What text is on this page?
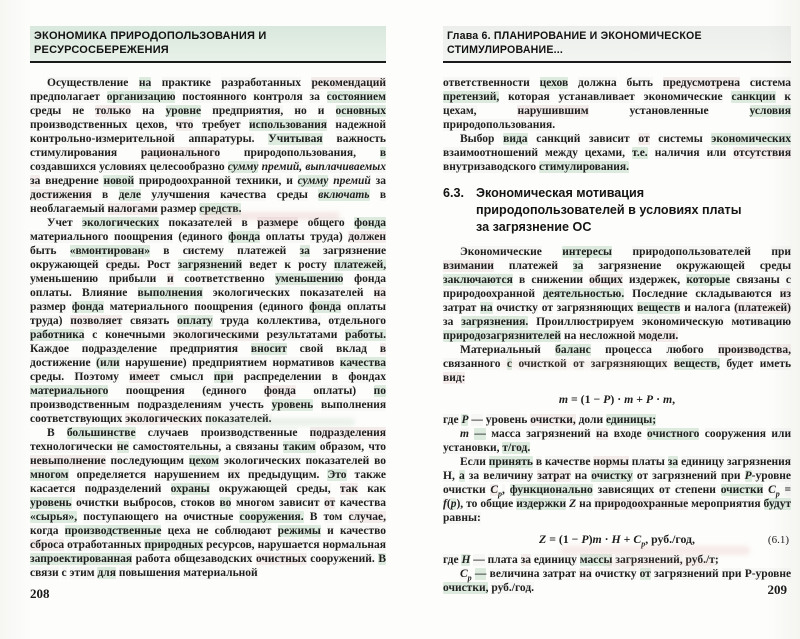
ЭКОНОМИКА ПРИРОДОПОЛЬЗОВАНИЯ И РЕСУРСОСБЕРЕЖЕНИЯ

Осуществление на практике разработанных рекомендаций предполагает организацию постоянного контроля за состоянием среды не только на уровне предприятия, но и основных производственных цехов, что требует использования надежной контрольно-измерительной аппаратуры. Учитывая важность стимулирования рационального природопользования, в создавшихся условиях целесообразно сумму премий, выплачиваемых за внедрение новой природоохранной техники, и сумму премий за достижения в деле улучшения качества среды включать в необлагаемый налогами размер средств.

Учет экологических показателей в размере общего фонда материального поощрения (единого фонда оплаты труда) должен быть «вмонтирован» в систему платежей за загрязнение окружающей среды. Рост загрязнений ведет к росту платежей, уменьшению прибыли и соответственно уменьшению фонда оплаты. Влияние выполнения экологических показателей на размер фонда материального поощрения (единого фонда оплаты труда) позволяет связать оплату труда коллектива, отдельного работника с конечными экологическими результатами работы. Каждое подразделение предприятия вносит свой вклад в достижение (или нарушение) предприятием нормативов качества среды. Поэтому имеет смысл при распределении в фондах материального поощрения (единого фонда оплаты) по производственным подразделениям учесть уровень выполнения соответствующих экологических показателей.

В большинстве случаев производственные подразделения технологически не самостоятельны, а связаны таким образом, что невыполнение последующим цехом экологических показателей во многом определяется нарушением их предыдущим. Это также касается подразделений охраны окружающей среды, так как уровень очистки выбросов, стоков во многом зависит от качества «сырья», поступающего на очистные сооружения. В том случае, когда производственные цеха не соблюдают режимы и качество сброса отработанных природных ресурсов, нарушается нормальная запроектированная работа общезаводских очистных сооружений. В связи с этим для повышения материальной

208
Глава 6. ПЛАНИРОВАНИЕ И ЭКОНОМИЧЕСКОЕ СТИМУЛИРОВАНИЕ...

ответственности цехов должна быть предусмотрена система претензий, которая устанавливает экономические санкции к цехам,	нарушившим	установленные	условия природопользования.

Выбор вида санкций зависит от системы экономических взаимоотношений между цехами, т.е. наличия или отсутствия внутризаводского стимулирования.

6.3. Экономическая мотивация
природопользователей в условиях платы
за загрязнение ОС

Экономические интересы природопользователей при взимании платежей за загрязнение окружающей среды заключаются в снижении общих издержек, которые связаны с природоохранной деятельностью. Последние складываются из затрат на очистку от загрязняющих веществ и налога (платежей) за загрязнения. Проиллюстрируем экономическую мотивацию природозагрязнителей на несложной модели.

Материальный баланс процесса любого производства, связанного с очисткой от загрязняющих веществ, будет иметь вид:

m = (1 − P) · m + P · m,

где P — уровень очистки, доли единицы;

m — масса загрязнений на входе очистного сооружения или установки, т/год.

Если принять в качестве нормы платы за единицу загрязнения Н, а за величину затрат на очистку от загрязнений при P-уровне очистки $C_p$, функционально зависящих от степени очистки $C_p = f(p)$, то общие издержки Z на природоохранные мероприятия будут равны:

$Z = (1 - P)m \cdot H + C_p$, руб./год,	(6.1)

где H — плата за единицу массы загрязнений, руб./т;

$C_p$ — величина затрат на очистку от загрязнений при Р-уровне очистки, руб./год.	209
